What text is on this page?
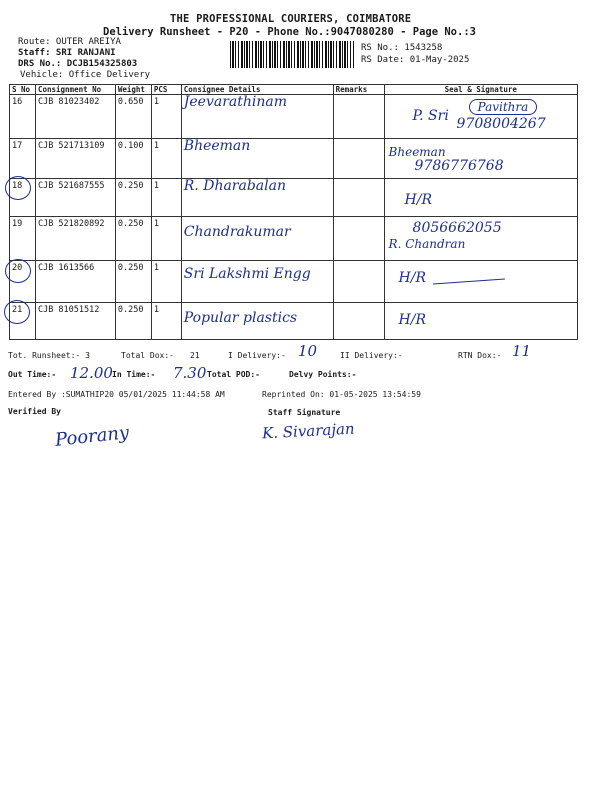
THE PROFESSIONAL COURIERS, COIMBATORE
Delivery Runsheet - P20 - Phone No.:9047080280 - Page No.:3
Route: OUTER AREIYA
Staff: SRI RANJANI
DRS No.: DCJB154325803
Vehicle: Office Delivery
RS No.: 1543258
RS Date: 01-May-2025
S No	Consignment No	Weight	PCS	Consignee Details	Remarks	Seal & Signature
16	CJB 81023402	0.650	1	Jeevarathinam		P. Sri
Pavithra
9708004267

17	CJB 521713109	0.100	1	Bheeman		Bheeman
9786776768

18	CJB 521687555	0.250	1	R. Dharabalan		H/R

19	CJB 521820892	0.250	1	Chandrakumar		8056662055
R. Chandran

20	CJB 1613566	0.250	1	Sri Lakshmi Engg		H/R

21	CJB 81051512	0.250	1	Popular plastics		H/R
Tot. Runsheet:- 3	Total Dox:- 21	I Delivery:- 10	II Delivery:-	RTN Dox:- 11
Out Time:- 12.00 In Time:- 7.30 Total POD:-	Delvy Points:-
Entered By :SUMATHIP20 05/01/2025 11:44:58 AM	Reprinted On: 01-05-2025 13:54:59
Verified By	Staff Signature
Poorany	K. Sivarajan
